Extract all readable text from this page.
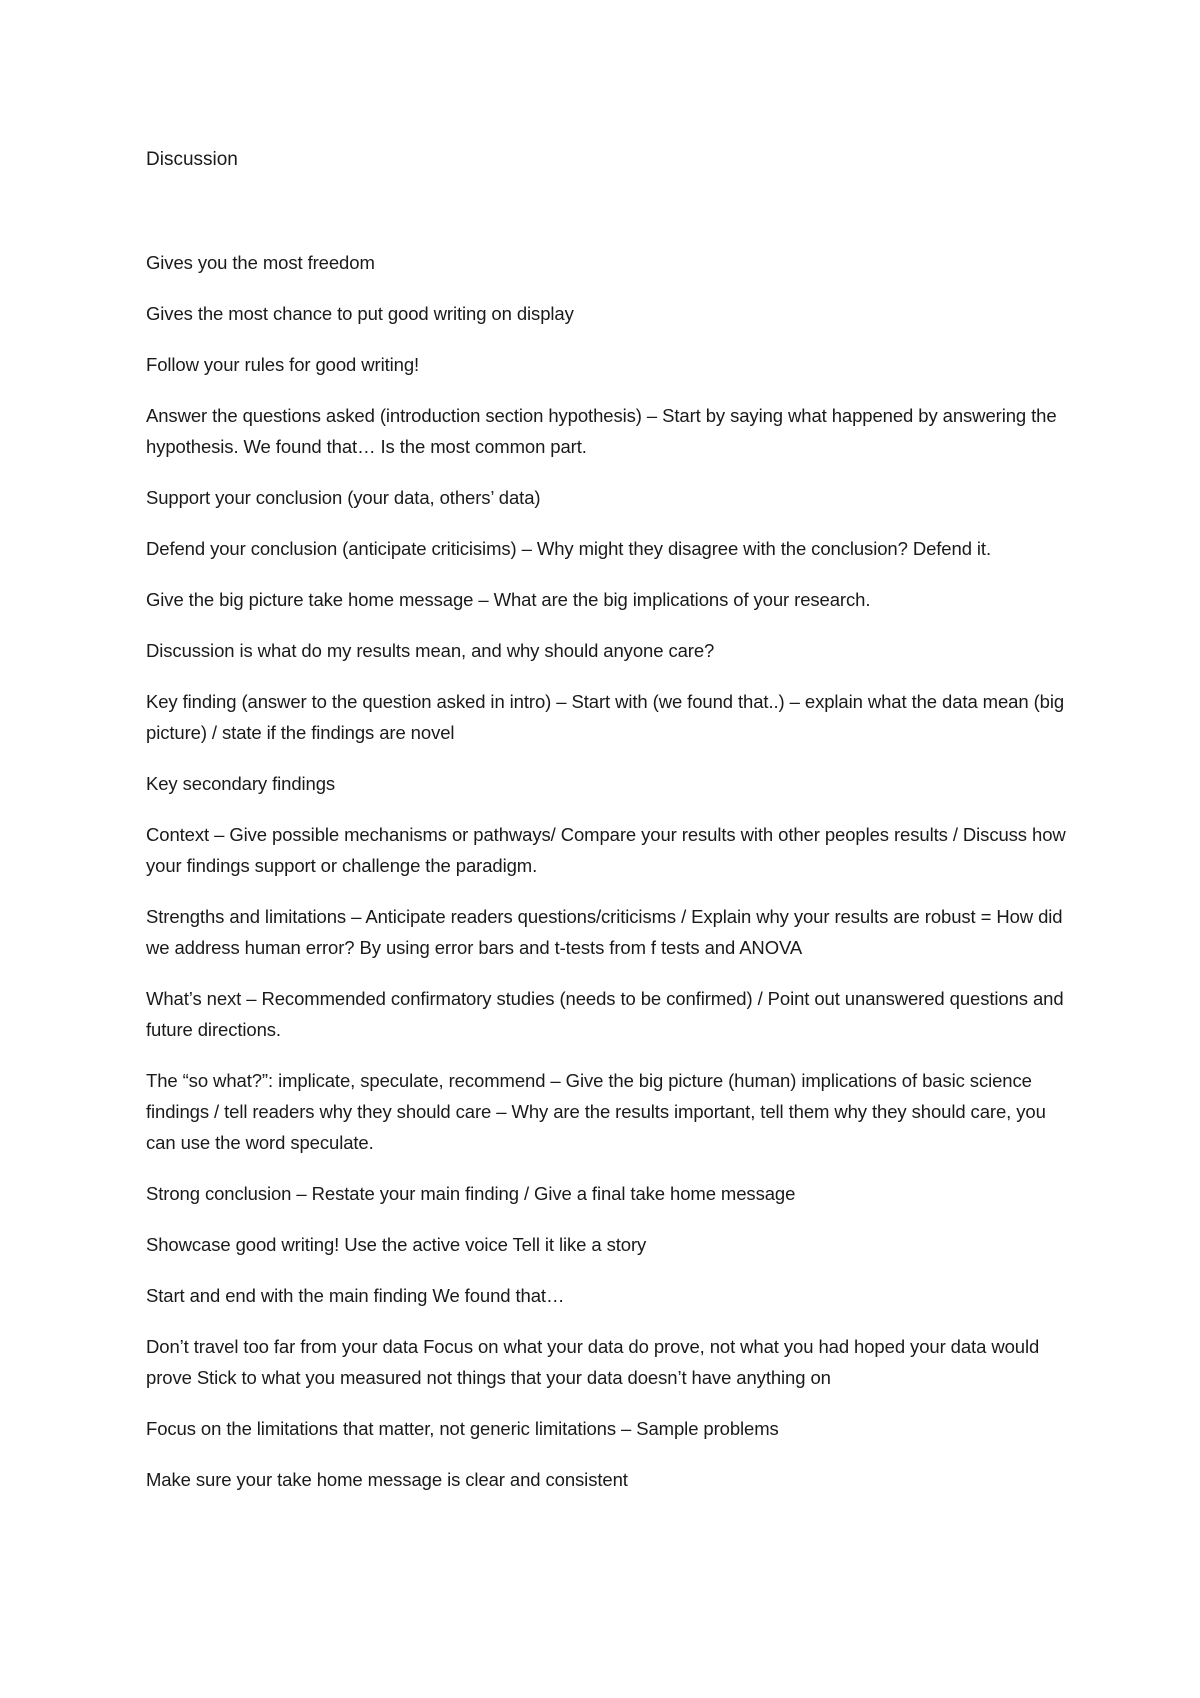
Discussion

Gives you the most freedom

Gives the most chance to put good writing on display

Follow your rules for good writing!

Answer the questions asked (introduction section hypothesis) – Start by saying what happened by answering the hypothesis. We found that… Is the most common part.

Support your conclusion (your data, others’ data)

Defend your conclusion (anticipate criticisims) – Why might they disagree with the conclusion? Defend it.

Give the big picture take home message – What are the big implications of your research.

Discussion is what do my results mean, and why should anyone care?

Key finding (answer to the question asked in intro) – Start with (we found that..) – explain what the data mean (big picture) / state if the findings are novel

Key secondary findings

Context – Give possible mechanisms or pathways/ Compare your results with other peoples results / Discuss how your findings support or challenge the paradigm.

Strengths and limitations – Anticipate readers questions/criticisms / Explain why your results are robust = How did we address human error? By using error bars and t-tests from f tests and ANOVA

What’s next – Recommended confirmatory studies (needs to be confirmed) / Point out unanswered questions and future directions.

The “so what?”: implicate, speculate, recommend – Give the big picture (human) implications of basic science findings / tell readers why they should care – Why are the results important, tell them why they should care, you can use the word speculate.

Strong conclusion – Restate your main finding / Give a final take home message

Showcase good writing! Use the active voice Tell it like a story

Start and end with the main finding We found that…

Don’t travel too far from your data Focus on what your data do prove, not what you had hoped your data would prove Stick to what you measured not things that your data doesn’t have anything on

Focus on the limitations that matter, not generic limitations – Sample problems

Make sure your take home message is clear and consistent
